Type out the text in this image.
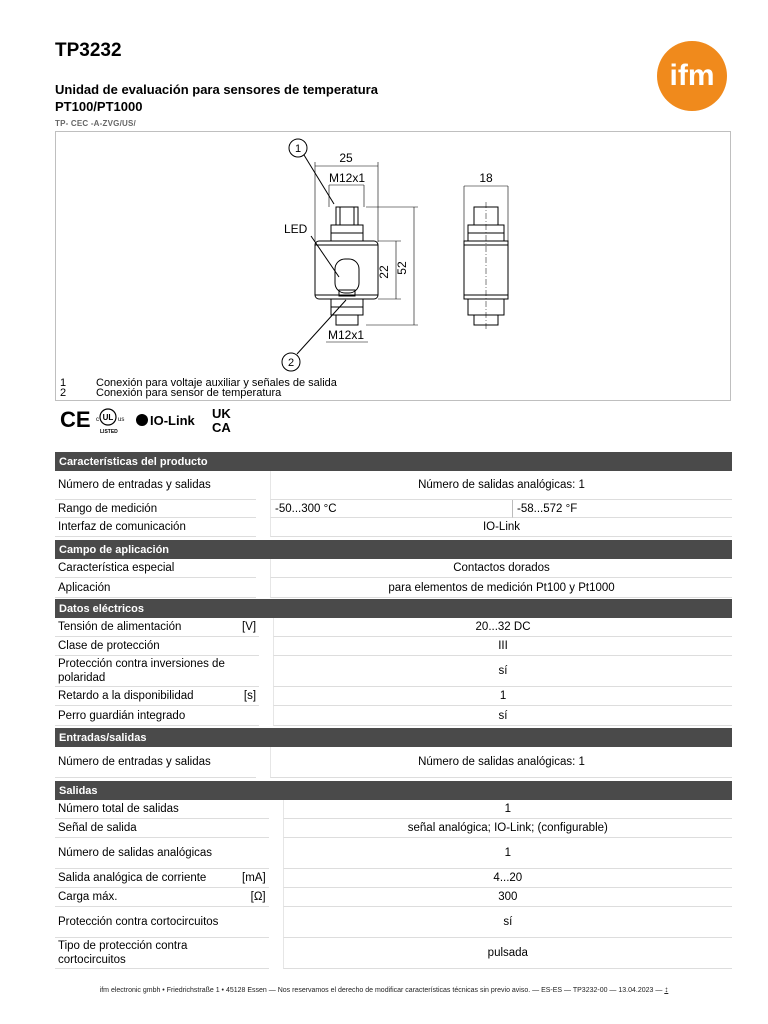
TP3232
ifm
Unidad de evaluación para sensores de temperatura
PT100/PT1000
TP- CEC -A-ZVG/US/
1
25
M12x1
LED
M12x1
2
22 52
18
1	Conexión para voltaje auxiliar y señales de salida
2	Conexión para sensor de temperatura
CE c UL us
LISTED
IO-Link UK
CA
Características del producto
Número de entradas y salidas			Número de salidas analógicas: 1
Rango de medición			-50...300 °C	-58...572 °F
Interfaz de comunicación			IO-Link	
Campo de aplicación			
Característica especial			Contactos dorados
Aplicación			para elementos de medición Pt100 y Pt1000
Datos eléctricos			
Tensión de alimentación	[V]		20...32 DC
Clase de protección			III
Protección contra inversiones de polaridad			sí
Retardo a la disponibilidad	[s]		1
Perro guardián integrado			sí
Entradas/salidas
Número de entradas y salidas			Número de salidas analógicas: 1
Salidas			
Número total de salidas			1
Señal de salida			señal analógica; IO-Link; (configurable)
Número de salidas analógicas			1
Salida analógica de corriente	[mA]		4...20
Carga máx.	[Ω]		300
Protección contra cortocircuitos			sí
Tipo de protección contra cortocircuitos			pulsada
ifm electronic gmbh • Friedrichstraße 1 • 45128 Essen — Nos reservamos el derecho de modificar características técnicas sin previo aviso. — ES-ES — TP3232-00 — 13.04.2023 — ↕
